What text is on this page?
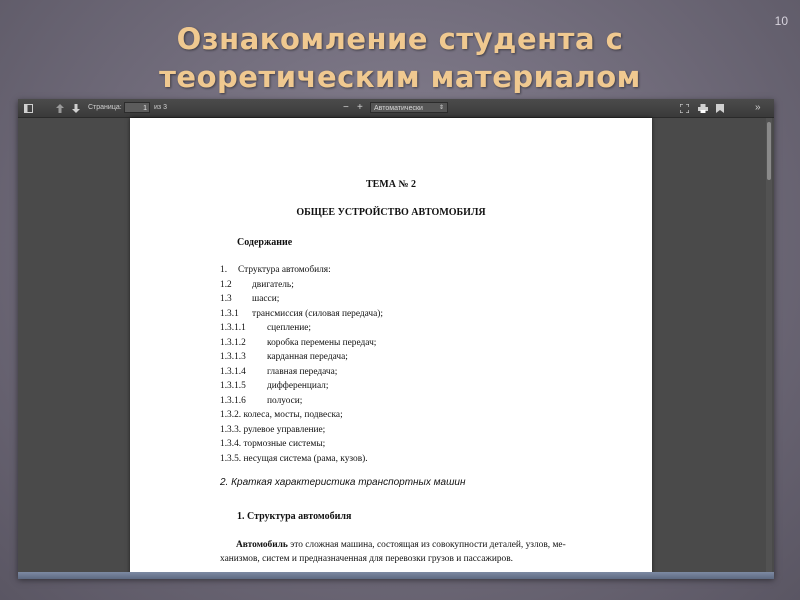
10
Ознакомление студента с
теоретическим материалом
Страница:	1	из 3	− +	Автоматически	⇕	»
ТЕМА № 2
ОБЩЕЕ УСТРОЙСТВО АВТОМОБИЛЯ
Содержание
1. Структура автомобиля:
1.2 двигатель;
1.3 шасси;
1.3.1 трансмиссия (силовая передача);
1.3.1.1 сцепление;
1.3.1.2 коробка перемены передач;
1.3.1.3 карданная передача;
1.3.1.4 главная передача;
1.3.1.5 дифференциал;
1.3.1.6 полуоси;
1.3.2. колеса, мосты, подвеска;
1.3.3. рулевое управление;
1.3.4. тормозные системы;
1.3.5. несущая система (рама, кузов).
2. Краткая характеристика транспортных машин
1. Структура автомобиля
Автомобиль это сложная машина, состоящая из совокупности деталей, узлов, ме-
ханизмов, систем и предназначенная для перевозки грузов и пассажиров.
